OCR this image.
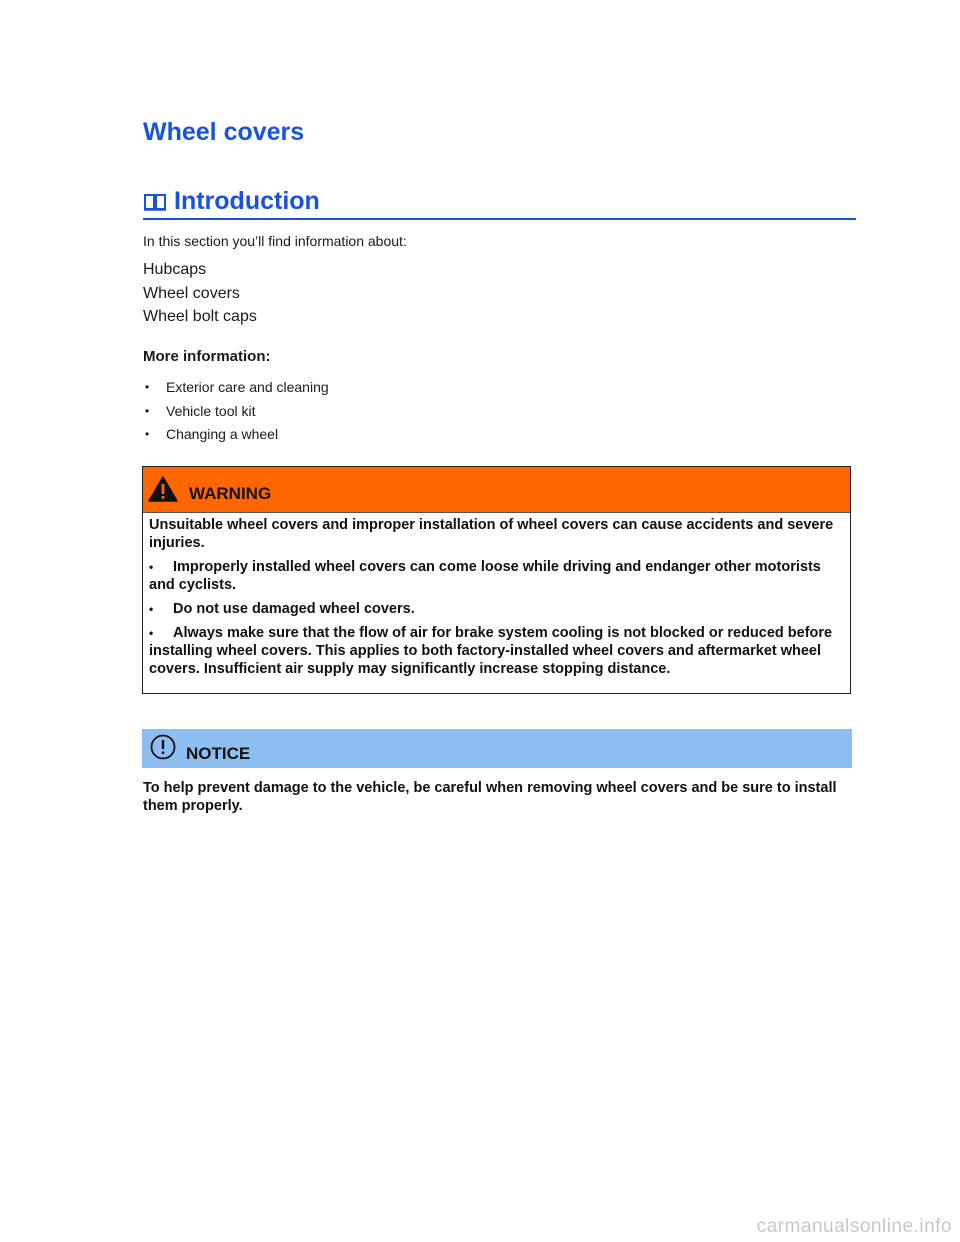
Wheel covers
Introduction
In this section you’ll find information about:
Hubcaps
Wheel covers
Wheel bolt caps
More information:
• Exterior care and cleaning
• Vehicle tool kit
• Changing a wheel
WARNING

Unsuitable wheel covers and improper installation of wheel covers can cause accidents and severe injuries.

• Improperly installed wheel covers can come loose while driving and endanger other motorists and cyclists.
• Do not use damaged wheel covers.
• Always make sure that the flow of air for brake system cooling is not blocked or reduced before installing wheel covers. This applies to both factory-installed wheel covers and aftermarket wheel covers. Insufficient air supply may significantly increase stopping distance.
NOTICE
To help prevent damage to the vehicle, be careful when removing wheel covers and be sure to install them properly.
carmanualsonline.info
